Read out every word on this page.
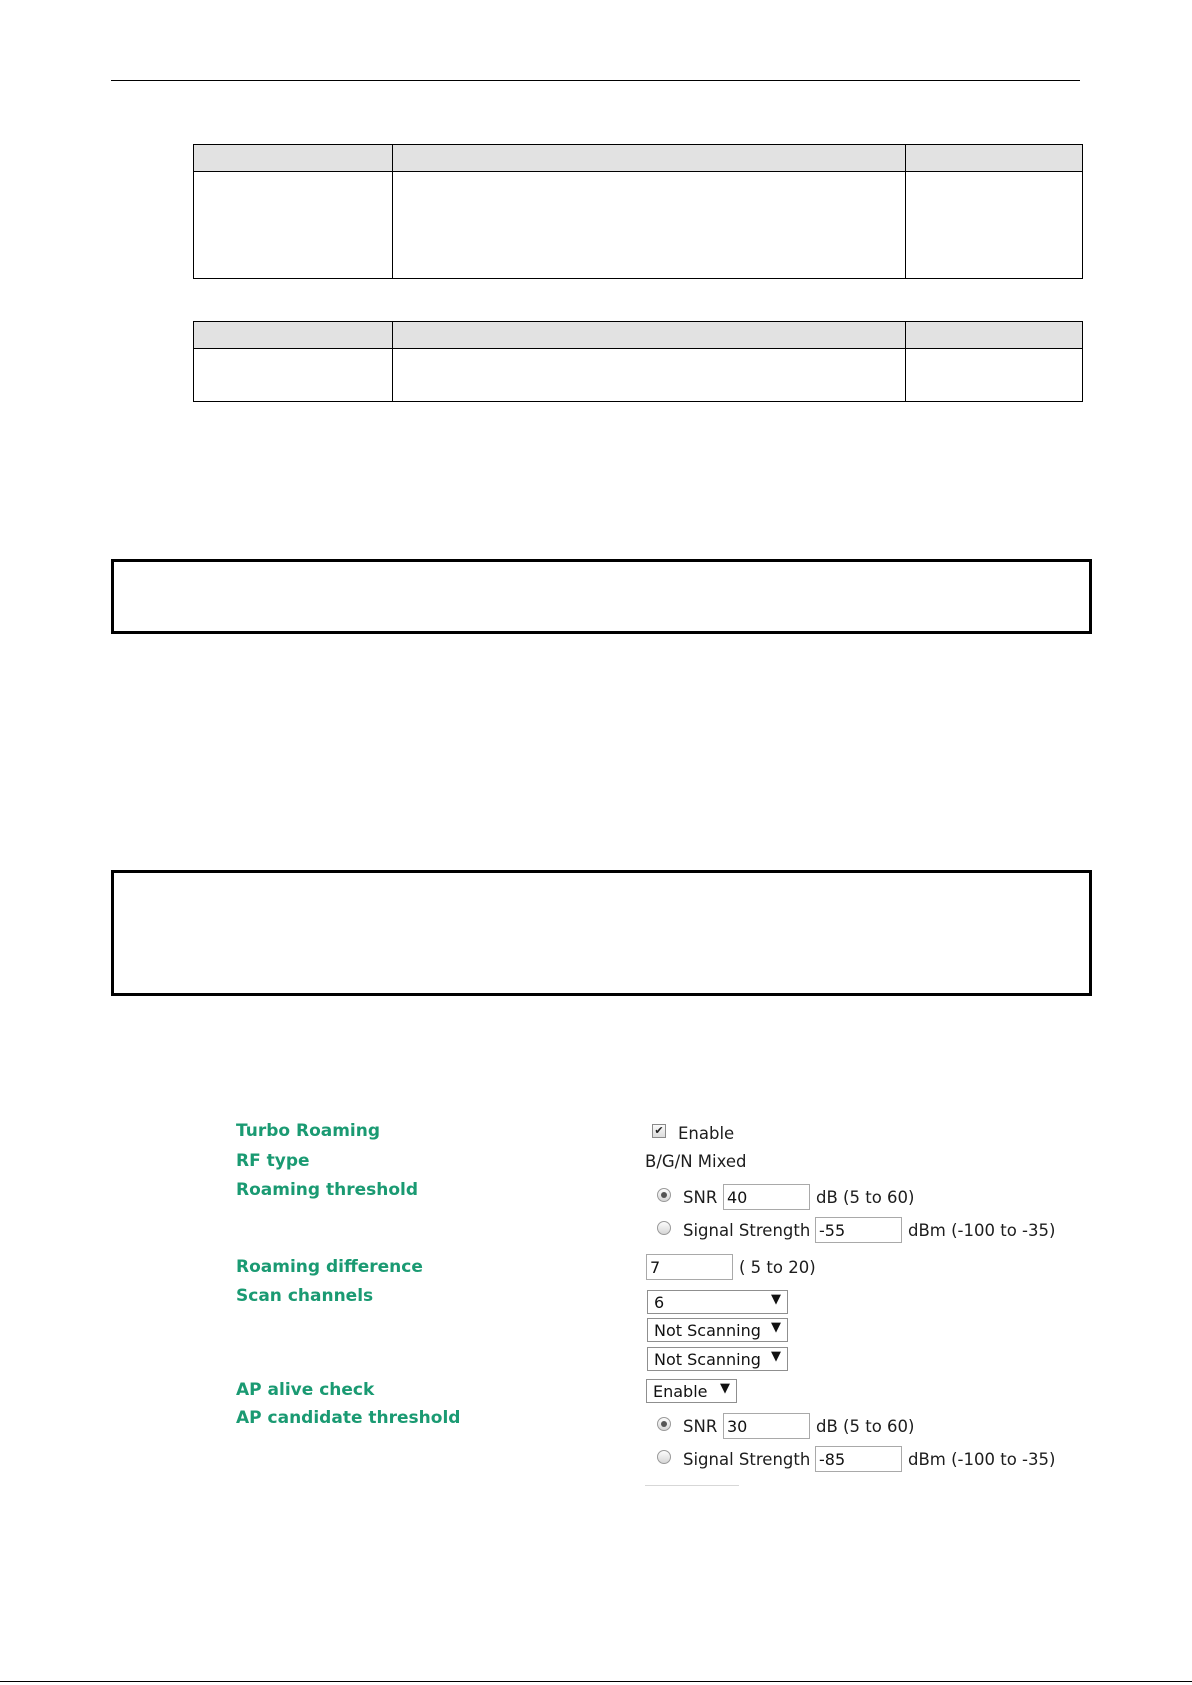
Turbo Roaming	✔ Enable
RF type	B/G/N Mixed
Roaming threshold	SNR 40	dB (5 to 60)
Signal Strength -55	dBm (-100 to -35)
Roaming difference	7	( 5 to 20)
Scan channels	6	▼
Not Scanning ▼
Not Scanning ▼
AP alive check	Enable ▼
AP candidate threshold	SNR 30	dB (5 to 60)
Signal Strength -85	dBm (-100 to -35)
